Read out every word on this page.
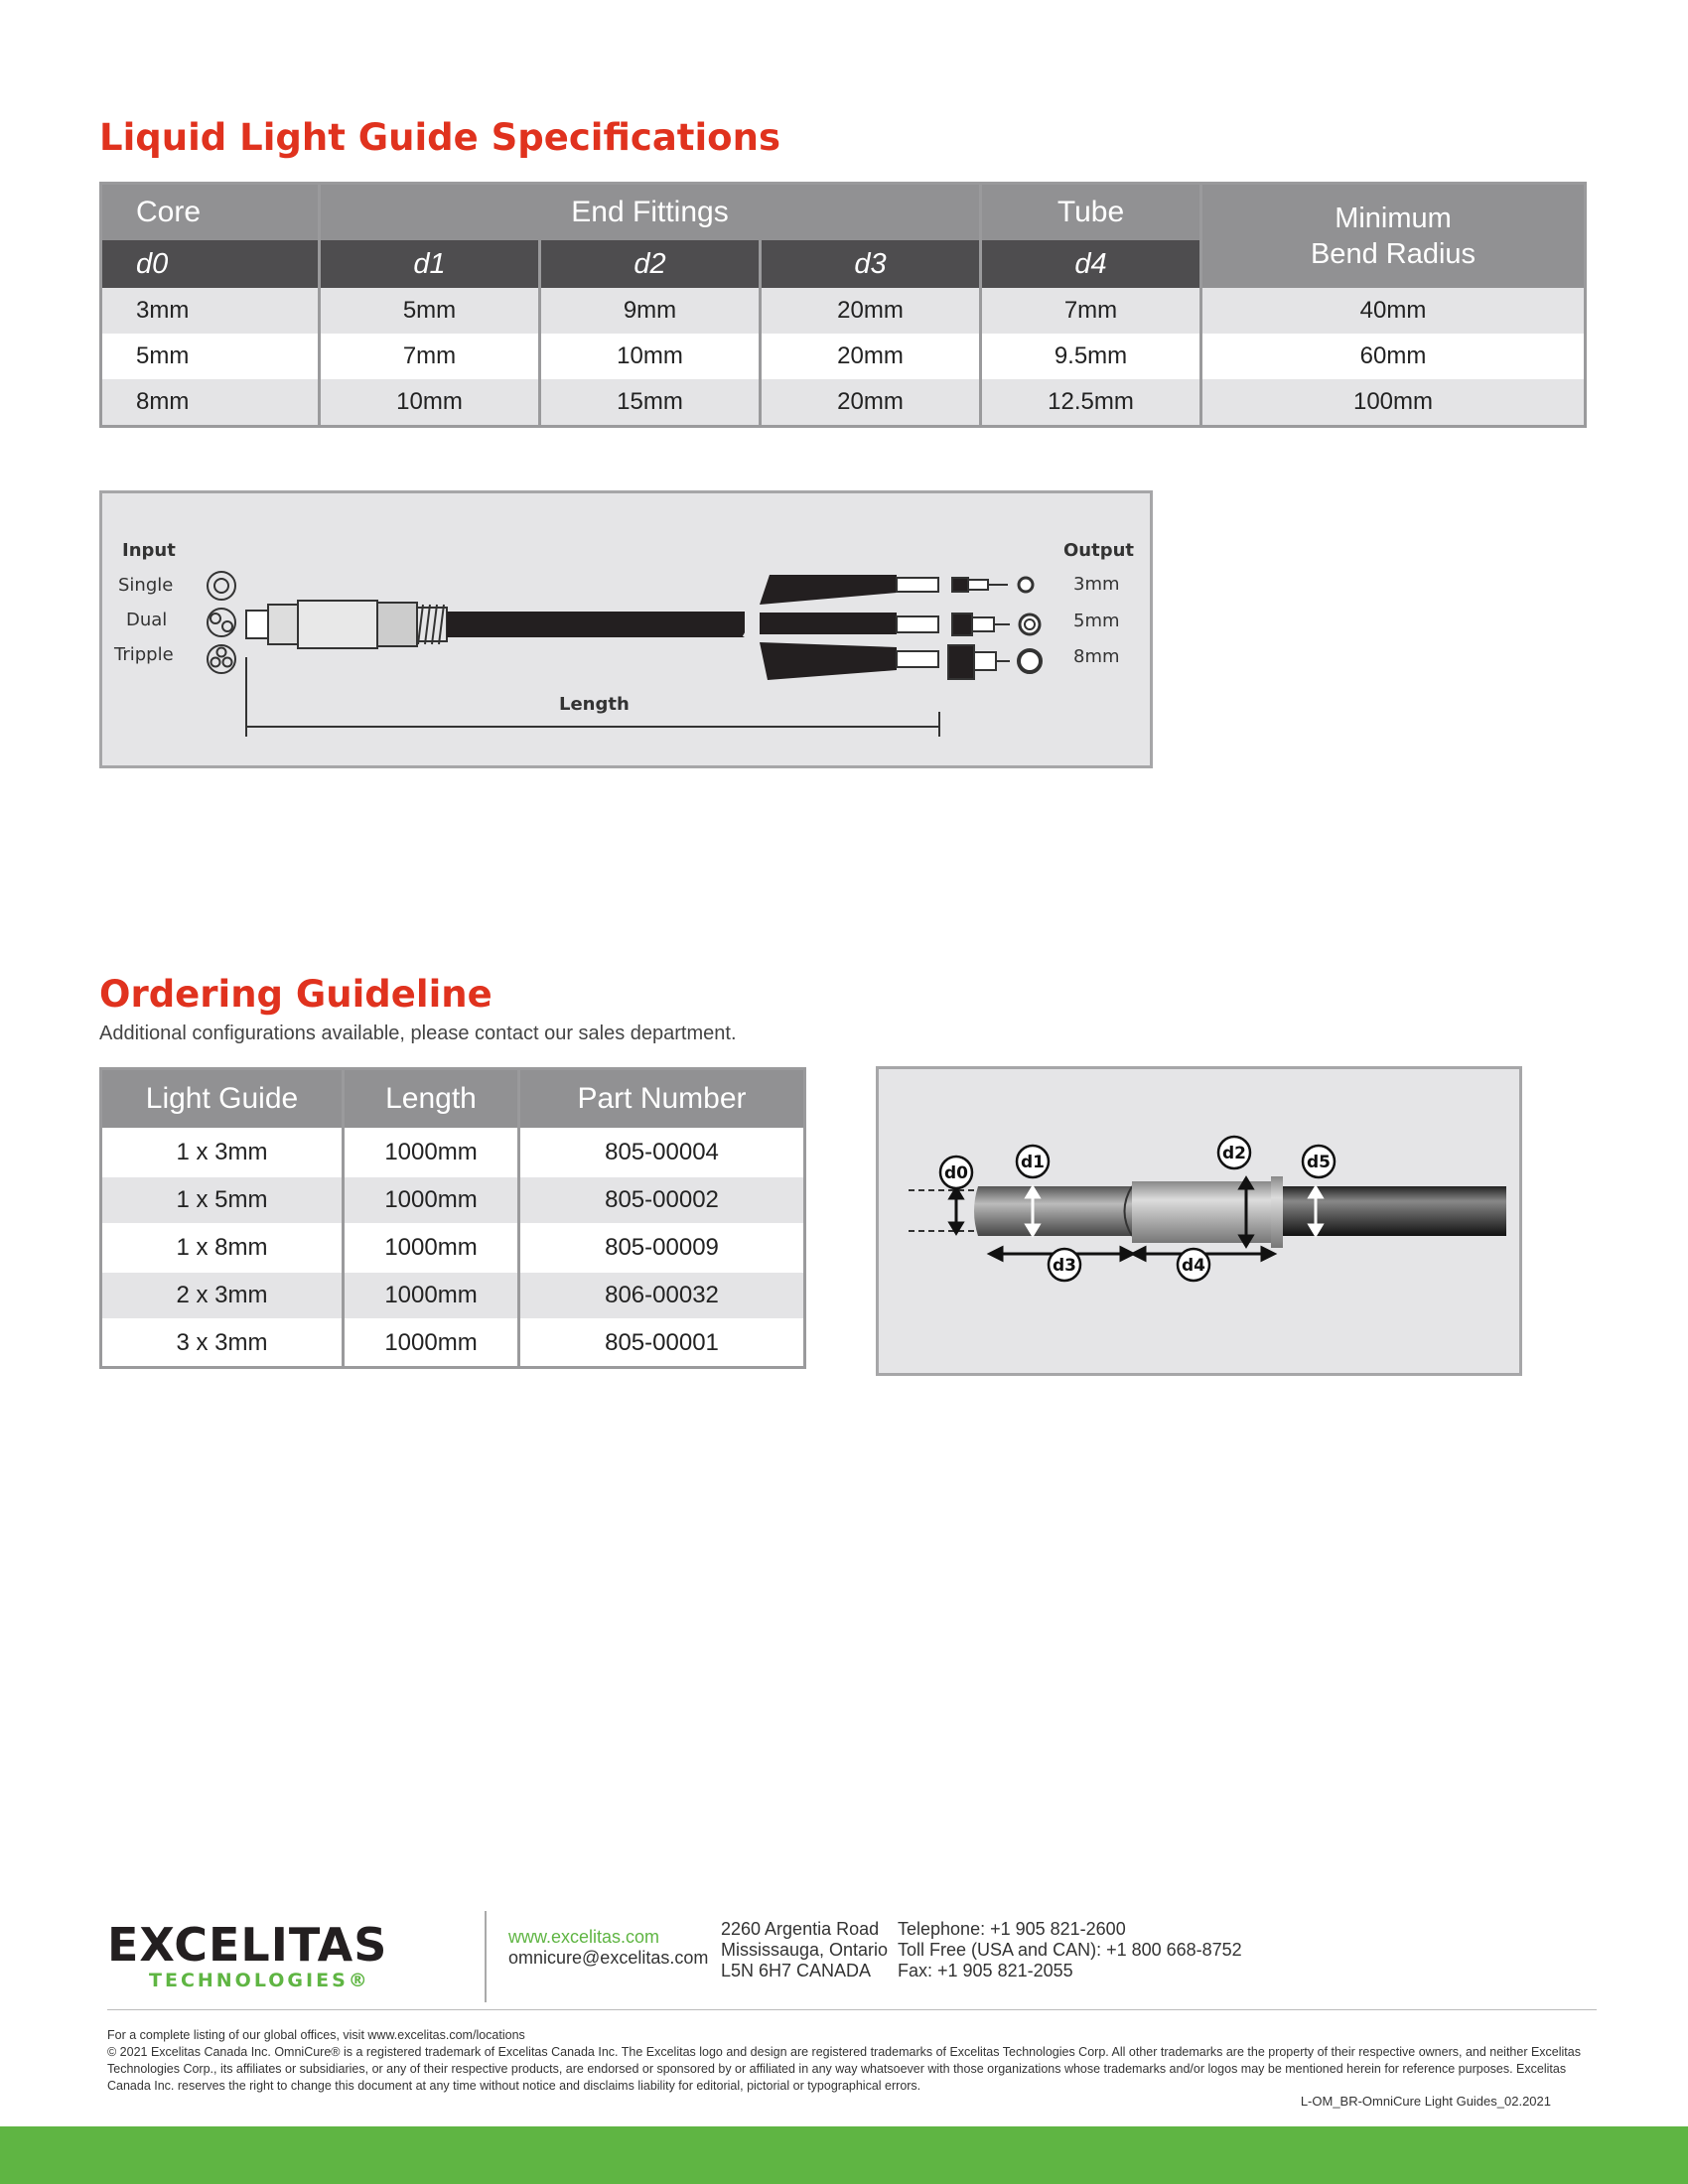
Liquid Light Guide Specifications
Core	End Fittings			Tube	Minimum Bend Radius

d0	d1	d2	d3	d4	
3mm	5mm	9mm	20mm	7mm	40mm
5mm	7mm	10mm	20mm	9.5mm	60mm
8mm	10mm	15mm	20mm	12.5mm	100mm
Input
Single
Dual
Tripple
Output
3mm
5mm
8mm
Length
Ordering Guideline
Additional configurations available, please contact our sales department.
Light Guide	Length	Part Number
1 x 3mm	1000mm	805-00004
1 x 5mm	1000mm	805-00002
1 x 8mm	1000mm	805-00009
2 x 3mm	1000mm	806-00032
3 x 3mm	1000mm	805-00001
d0
d1	d2	d5
d3	d4
EXCELITAS
TECHNOLOGIES®
www.excelitas.com
omnicure@excelitas.com
2260 Argentia Road
Mississauga, Ontario
L5N 6H7 CANADA
Telephone: +1 905 821-2600
Toll Free (USA and CAN): +1 800 668-8752
Fax: +1 905 821-2055
For a complete listing of our global offices, visit www.excelitas.com/locations
© 2021 Excelitas Canada Inc. OmniCure® is a registered trademark of Excelitas Canada Inc. The Excelitas logo and design are registered trademarks of Excelitas Technologies Corp. All other trademarks are the property of their respective owners, and neither Excelitas Technologies Corp., its affiliates or subsidiaries, or any of their respective products, are endorsed or sponsored by or affiliated in any way whatsoever with those organizations whose trademarks and/or logos may be mentioned herein for reference purposes. Excelitas Canada Inc. reserves the right to change this document at any time without notice and disclaims liability for editorial, pictorial or typographical errors.
L-OM_BR-OmniCure Light Guides_02.2021
